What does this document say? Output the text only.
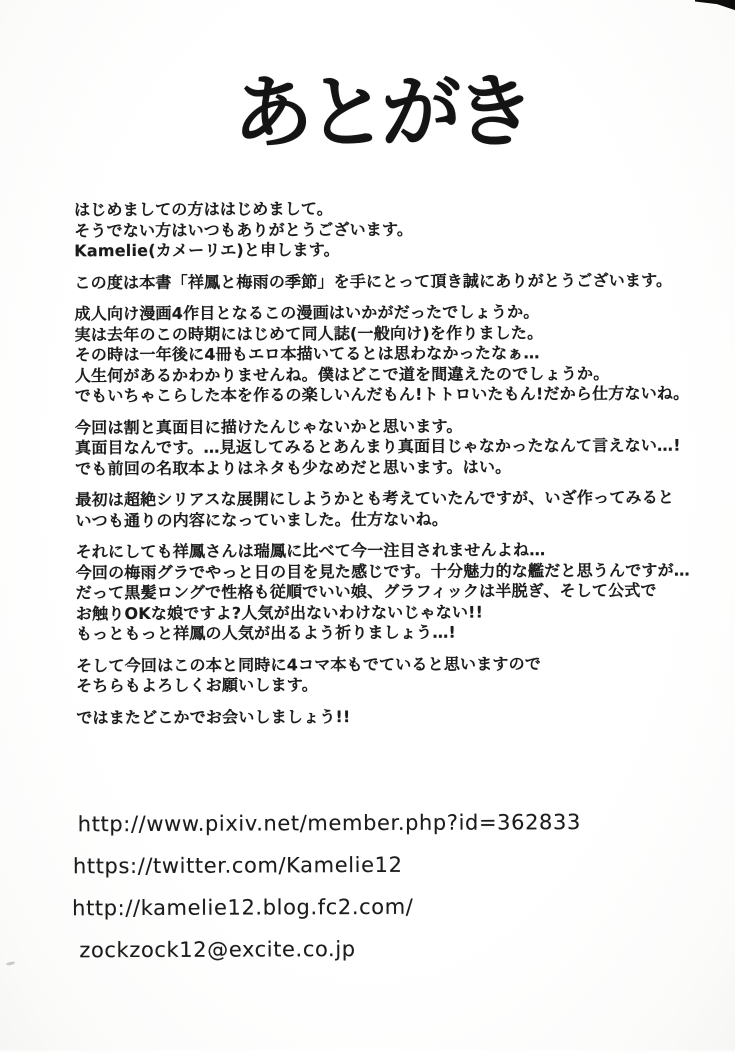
あとがき
はじめましての方ははじめまして。
そうでない方はいつもありがとうございます。
Kamelie(カメーリエ)と申します。
この度は本書「祥鳳と梅雨の季節」を手にとって頂き誠にありがとうございます。
成人向け漫画4作目となるこの漫画はいかがだったでしょうか。
実は去年のこの時期にはじめて同人誌(一般向け)を作りました。
その時は一年後に4冊もエロ本描いてるとは思わなかったなぁ…
人生何があるかわかりませんね。僕はどこで道を間違えたのでしょうか。
でもいちゃこらした本を作るの楽しいんだもん!トトロいたもん!だから仕方ないね。
今回は割と真面目に描けたんじゃないかと思います。
真面目なんです。…見返してみるとあんまり真面目じゃなかったなんて言えない…!
でも前回の名取本よりはネタも少なめだと思います。はい。
最初は超絶シリアスな展開にしようかとも考えていたんですが、いざ作ってみると
いつも通りの内容になっていました。仕方ないね。
それにしても祥鳳さんは瑞鳳に比べて今一注目されませんよね…
今回の梅雨グラでやっと日の目を見た感じです。十分魅力的な艦だと思うんですが…
だって黒髪ロングで性格も従順でいい娘、グラフィックは半脱ぎ、そして公式で
お触りOKな娘ですよ?人気が出ないわけないじゃない!!
もっともっと祥鳳の人気が出るよう祈りましょう…!
そして今回はこの本と同時に4コマ本もでていると思いますので
そちらもよろしくお願いします。
ではまたどこかでお会いしましょう!!
http://www.pixiv.net/member.php?id=362833
https://twitter.com/Kamelie12
http://kamelie12.blog.fc2.com/
zockzock12@excite.co.jp
